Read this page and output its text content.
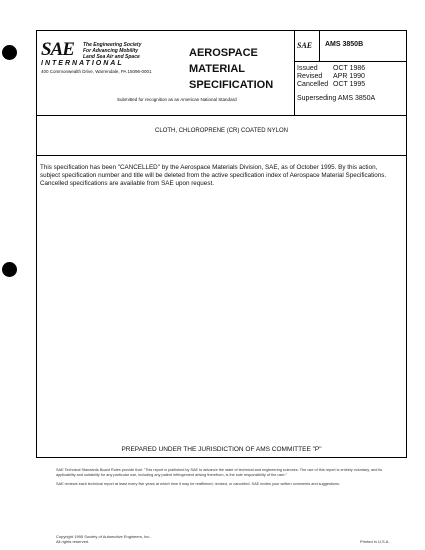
SAE The Engineering Society
For Advancing Mobility
Land Sea Air and Space
INTERNATIONAL
400 Commonwealth Drive, Warrendale, PA 15096-0001
Submitted for recognition as an American National Standard
AEROSPACE
MATERIAL
SPECIFICATION
SAE AMS 3850B
Issued	OCT 1986
Revised	APR 1990
Cancelled OCT 1995
Superseding AMS 3850A
CLOTH, CHLOROPRENE (CR) COATED NYLON
This specification has been "CANCELLED" by the Aerospace Materials Division, SAE, as of October 1995. By this action, subject specification number and title will be deleted from the active specification index of Aerospace Material Specifications. Cancelled specifications are available from SAE upon request.
PREPARED UNDER THE JURISDICTION OF AMS COMMITTEE "P"

SAE Technical Standards Board Rules provide that: "This report is published by SAE to advance the state of technical and engineering sciences. The use of this report is entirely voluntary, and its applicability and suitability for any particular use, including any patent infringement arising therefrom, is the sole responsibility of the user."

SAE reviews each technical report at least every five years at which time it may be reaffirmed, revised, or cancelled. SAE invites your written comments and suggestions.

Copyright 1995 Society of Automotive Engineers, Inc.
All rights reserved.	Printed in U.S.A.
